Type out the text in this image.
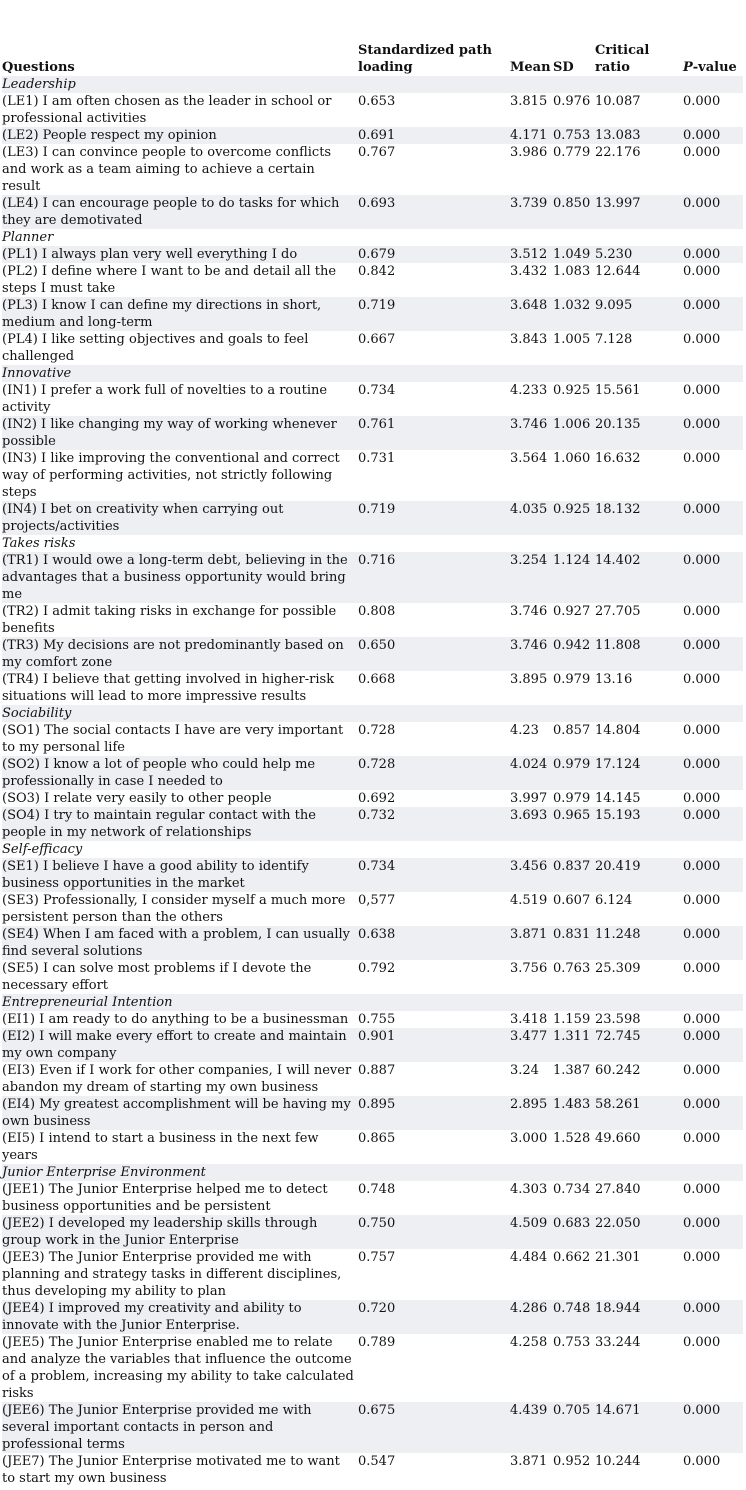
Questions	Standardized path loading	Mean	SD	Critical ratio	P-value
Leadership					
(LE1) I am often chosen as the leader in school or professional activities	0.653	3.815	0.976	10.087	0.000
(LE2) People respect my opinion	0.691	4.171	0.753	13.083	0.000
(LE3) I can convince people to overcome conflicts and work as a team aiming to achieve a certain result	0.767	3.986	0.779	22.176	0.000
(LE4) I can encourage people to do tasks for which they are demotivated	0.693	3.739	0.850	13.997	0.000
Planner					
(PL1) I always plan very well everything I do	0.679	3.512	1.049	5.230	0.000
(PL2) I define where I want to be and detail all the steps I must take	0.842	3.432	1.083	12.644	0.000
(PL3) I know I can define my directions in short, medium and long-term	0.719	3.648	1.032	9.095	0.000
(PL4) I like setting objectives and goals to feel challenged	0.667	3.843	1.005	7.128	0.000
Innovative					
(IN1) I prefer a work full of novelties to a routine activity	0.734	4.233	0.925	15.561	0.000
(IN2) I like changing my way of working whenever possible	0.761	3.746	1.006	20.135	0.000
(IN3) I like improving the conventional and correct way of performing activities, not strictly following steps	0.731	3.564	1.060	16.632	0.000
(IN4) I bet on creativity when carrying out projects/activities	0.719	4.035	0.925	18.132	0.000
Takes risks					
(TR1) I would owe a long-term debt, believing in the advantages that a business opportunity would bring me	0.716	3.254	1.124	14.402	0.000
(TR2) I admit taking risks in exchange for possible benefits	0.808	3.746	0.927	27.705	0.000
(TR3) My decisions are not predominantly based on my comfort zone	0.650	3.746	0.942	11.808	0.000
(TR4) I believe that getting involved in higher-risk situations will lead to more impressive results	0.668	3.895	0.979	13.16	0.000
Sociability					
(SO1) The social contacts I have are very important to my personal life	0.728	4.23	0.857	14.804	0.000
(SO2) I know a lot of people who could help me professionally in case I needed to	0.728	4.024	0.979	17.124	0.000
(SO3) I relate very easily to other people	0.692	3.997	0.979	14.145	0.000
(SO4) I try to maintain regular contact with the people in my network of relationships	0.732	3.693	0.965	15.193	0.000
Self-efficacy					
(SE1) I believe I have a good ability to identify business opportunities in the market	0.734	3.456	0.837	20.419	0.000
(SE3) Professionally, I consider myself a much more persistent person than the others	0,577	4.519	0.607	6.124	0.000
(SE4) When I am faced with a problem, I can usually find several solutions	0.638	3.871	0.831	11.248	0.000
(SE5) I can solve most problems if I devote the necessary effort	0.792	3.756	0.763	25.309	0.000
Entrepreneurial Intention					
(EI1) I am ready to do anything to be a businessman	0.755	3.418	1.159	23.598	0.000
(EI2) I will make every effort to create and maintain my own company	0.901	3.477	1.311	72.745	0.000
(EI3) Even if I work for other companies, I will never abandon my dream of starting my own business	0.887	3.24	1.387	60.242	0.000
(EI4) My greatest accomplishment will be having my own business	0.895	2.895	1.483	58.261	0.000
(EI5) I intend to start a business in the next few years	0.865	3.000	1.528	49.660	0.000
Junior Enterprise Environment					
(JEE1) The Junior Enterprise helped me to detect business opportunities and be persistent	0.748	4.303	0.734	27.840	0.000
(JEE2) I developed my leadership skills through group work in the Junior Enterprise	0.750	4.509	0.683	22.050	0.000
(JEE3) The Junior Enterprise provided me with planning and strategy tasks in different disciplines, thus developing my ability to plan	0.757	4.484	0.662	21.301	0.000
(JEE4) I improved my creativity and ability to innovate with the Junior Enterprise.	0.720	4.286	0.748	18.944	0.000
(JEE5) The Junior Enterprise enabled me to relate and analyze the variables that influence the outcome of a problem, increasing my ability to take calculated risks	0.789	4.258	0.753	33.244	0.000
(JEE6) The Junior Enterprise provided me with several important contacts in person and professional terms	0.675	4.439	0.705	14.671	0.000
(JEE7) The Junior Enterprise motivated me to want to start my own business	0.547	3.871	0.952	10.244	0.000
